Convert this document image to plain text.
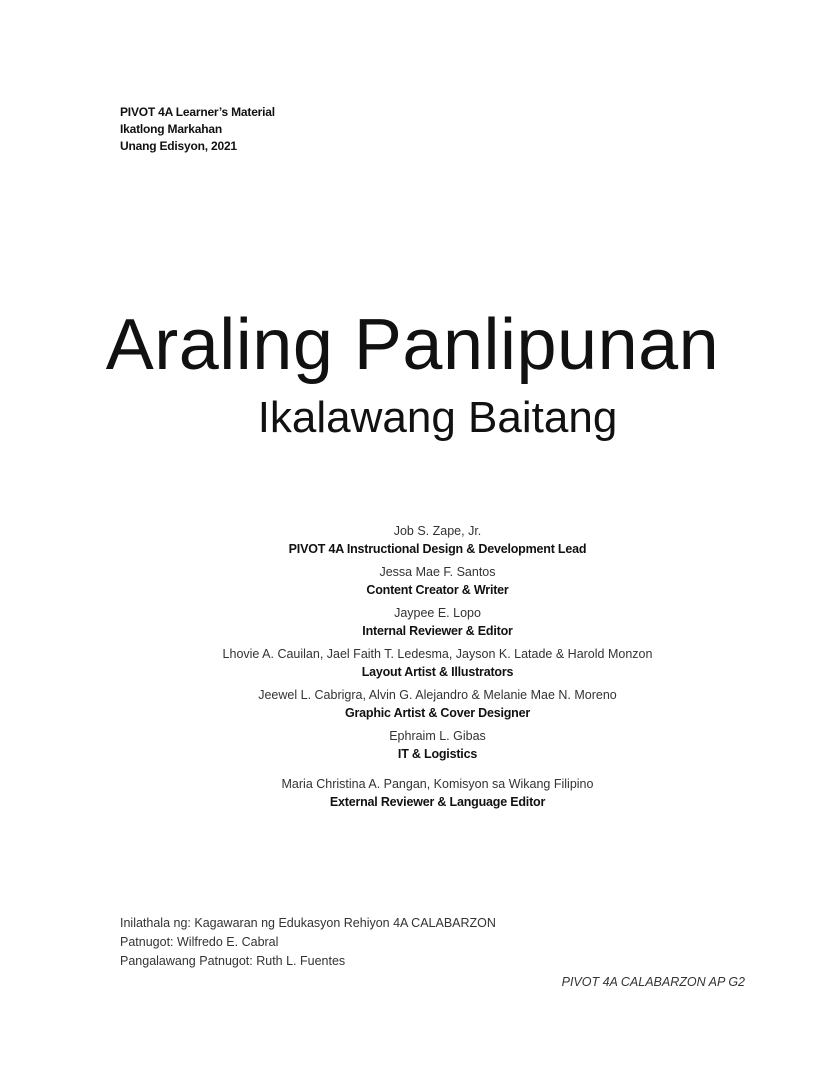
PIVOT 4A Learner’s Material
Ikatlong Markahan
Unang Edisyon, 2021
Araling Panlipunan
Ikalawang Baitang
Job S. Zape, Jr.
PIVOT 4A Instructional Design & Development Lead
Jessa Mae F. Santos
Content Creator & Writer
Jaypee E. Lopo
Internal Reviewer & Editor
Lhovie A. Cauilan, Jael Faith T. Ledesma, Jayson K. Latade & Harold Monzon
Layout Artist & Illustrators
Jeewel L. Cabrigra, Alvin G. Alejandro & Melanie Mae N. Moreno
Graphic Artist & Cover Designer
Ephraim L. Gibas
IT & Logistics
Maria Christina A. Pangan, Komisyon sa Wikang Filipino
External Reviewer & Language Editor
Inilathala ng: Kagawaran ng Edukasyon Rehiyon 4A CALABARZON
Patnugot: Wilfredo E. Cabral
Pangalawang Patnugot: Ruth L. Fuentes
PIVOT 4A CALABARZON AP G2
